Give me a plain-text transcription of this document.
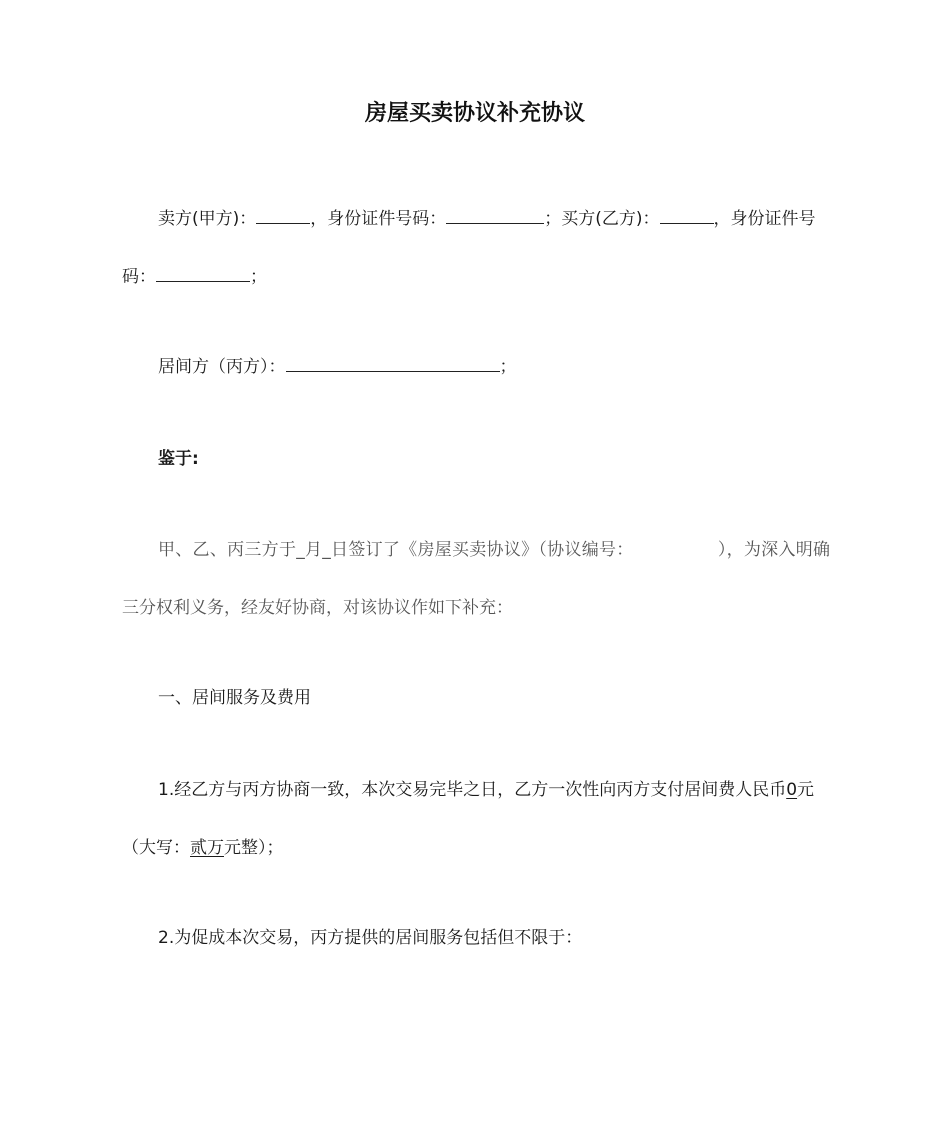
房屋买卖协议补充协议

卖方(甲方)：	，身份证件号码：	；买方(乙方)：	，身份证件号码：	；

居间方（丙方）：	；

鉴于:

甲、乙、丙三方于_月_日签订了《房屋买卖协议》（协议编号：	），为深入明确三分权利义务，经友好协商，对该协议作如下补充：

一、居间服务及费用

1.经乙方与丙方协商一致，本次交易完毕之日，乙方一次性向丙方支付居间费人民币0元（大写：贰万元整）；

2.为促成本次交易，丙方提供的居间服务包括但不限于：
